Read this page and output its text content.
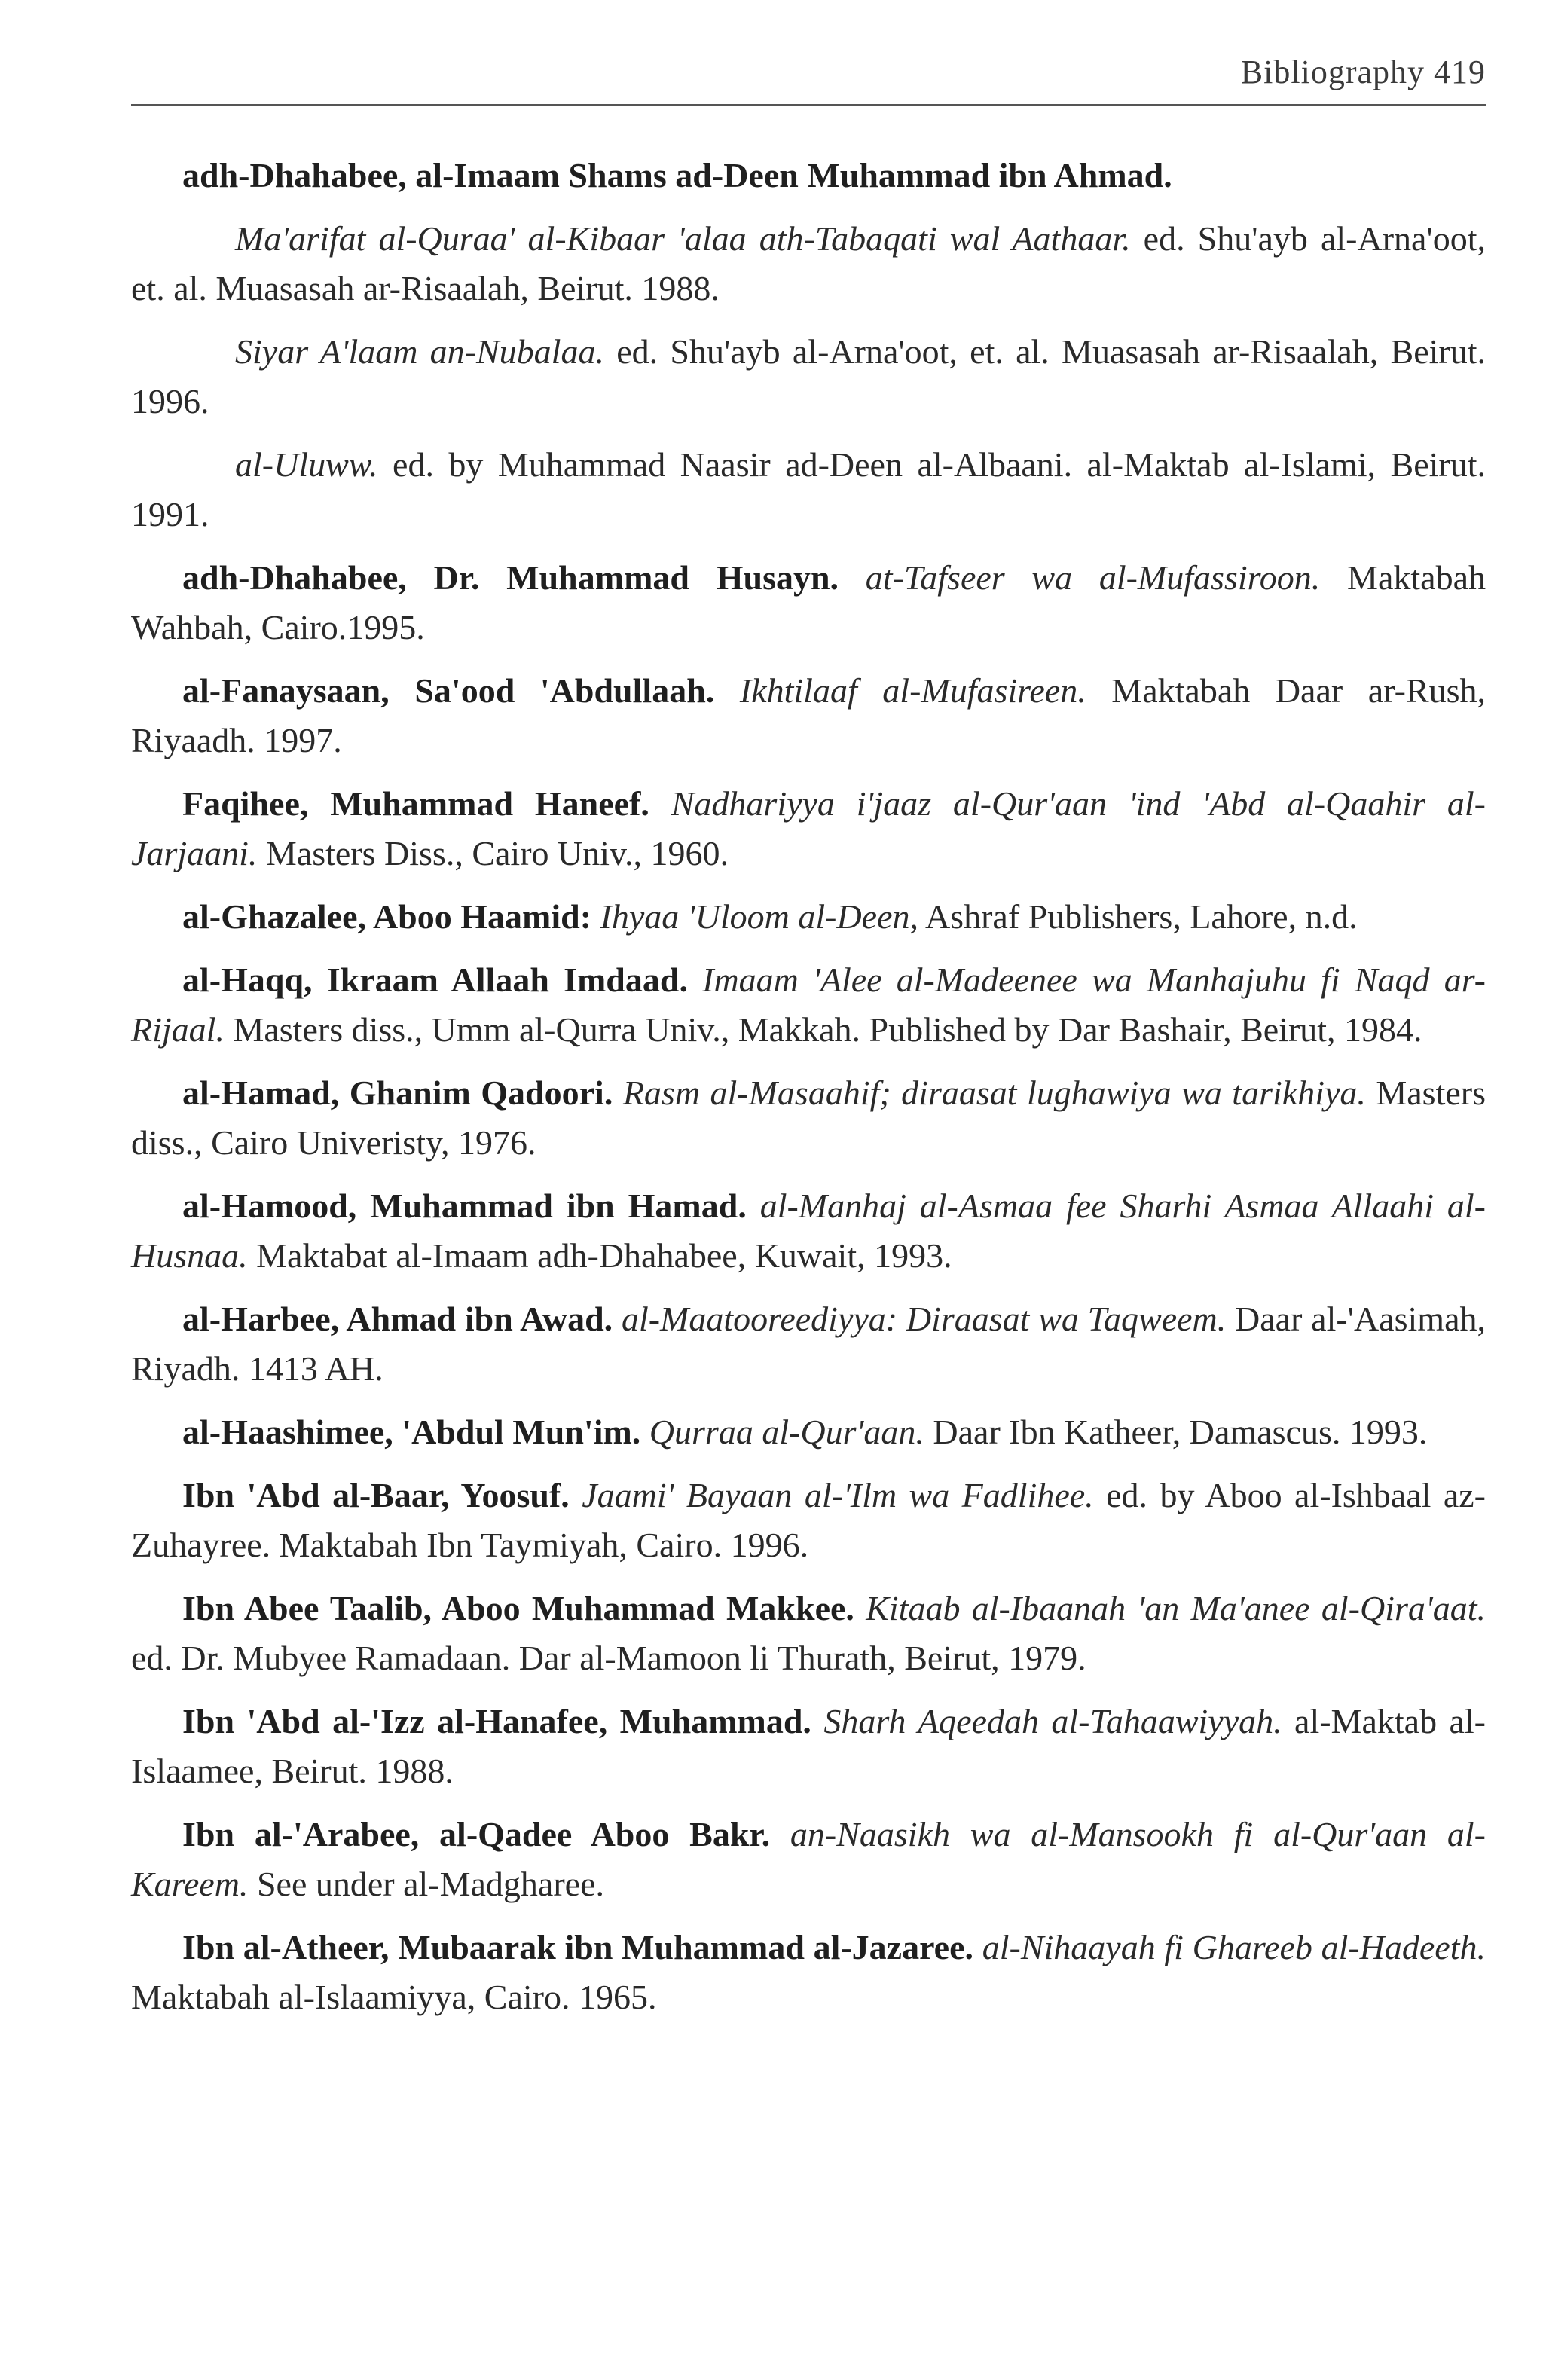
Bibliography 419

adh-Dhahabee, al-Imaam Shams ad-Deen Muhammad ibn Ahmad.

Ma'arifat al-Quraa' al-Kibaar 'alaa ath-Tabaqati wal Aathaar. ed. Shu'ayb al-Arna'oot, et. al. Muasasah ar-Risaalah, Beirut. 1988.

Siyar A'laam an-Nubalaa. ed. Shu'ayb al-Arna'oot, et. al. Muasasah ar-Risaalah, Beirut. 1996.

al-Uluww. ed. by Muhammad Naasir ad-Deen al-Albaani. al-Maktab al-Islami, Beirut. 1991.

adh-Dhahabee, Dr. Muhammad Husayn. at-Tafseer wa al-Mufassiroon. Maktabah Wahbah, Cairo.1995.

al-Fanaysaan, Sa'ood 'Abdullaah. Ikhtilaaf al-Mufasireen. Maktabah Daar ar-Rush, Riyaadh. 1997.

Faqihee, Muhammad Haneef. Nadhariyya i'jaaz al-Qur'aan 'ind 'Abd al-Qaahir al-Jarjaani. Masters Diss., Cairo Univ., 1960.

al-Ghazalee, Aboo Haamid: Ihyaa 'Uloom al-Deen, Ashraf Publishers, Lahore, n.d.

al-Haqq, Ikraam Allaah Imdaad. Imaam 'Alee al-Madeenee wa Manhajuhu fi Naqd ar-Rijaal. Masters diss., Umm al-Qurra Univ., Makkah. Published by Dar Bashair, Beirut, 1984.

al-Hamad, Ghanim Qadoori. Rasm al-Masaahif; diraasat lughawiya wa tarikhiya. Masters diss., Cairo Univeristy, 1976.

al-Hamood, Muhammad ibn Hamad. al-Manhaj al-Asmaa fee Sharhi Asmaa Allaahi al-Husnaa. Maktabat al-Imaam adh-Dhahabee, Kuwait, 1993.

al-Harbee, Ahmad ibn Awad. al-Maatooreediyya: Diraasat wa Taqweem. Daar al-'Aasimah, Riyadh. 1413 AH.

al-Haashimee, 'Abdul Mun'im. Qurraa al-Qur'aan. Daar Ibn Katheer, Damascus. 1993.

Ibn 'Abd al-Baar, Yoosuf. Jaami' Bayaan al-'Ilm wa Fadlihee. ed. by Aboo al-Ishbaal az-Zuhayree. Maktabah Ibn Taymiyah, Cairo. 1996.

Ibn Abee Taalib, Aboo Muhammad Makkee. Kitaab al-Ibaanah 'an Ma'anee al-Qira'aat. ed. Dr. Mubyee Ramadaan. Dar al-Mamoon li Thurath, Beirut, 1979.

Ibn 'Abd al-'Izz al-Hanafee, Muhammad. Sharh Aqeedah al-Tahaawiyyah. al-Maktab al-Islaamee, Beirut. 1988.

Ibn al-'Arabee, al-Qadee Aboo Bakr. an-Naasikh wa al-Mansookh fi al-Qur'aan al-Kareem. See under al-Madgharee.

Ibn al-Atheer, Mubaarak ibn Muhammad al-Jazaree. al-Nihaayah fi Ghareeb al-Hadeeth. Maktabah al-Islaamiyya, Cairo. 1965.
